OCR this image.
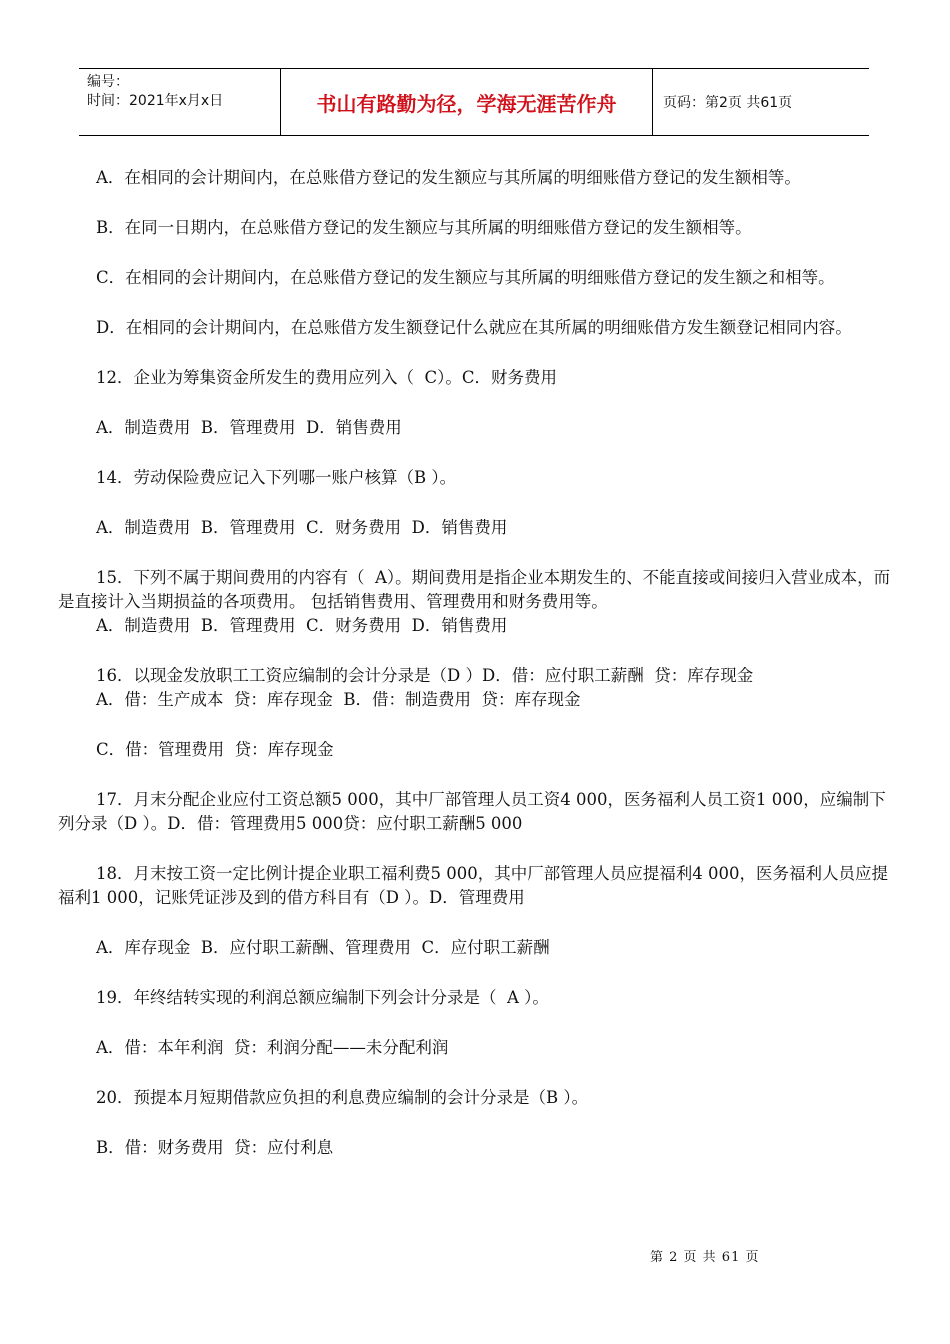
编号：
时间：2021年x月x日	书山有路勤为径，学海无涯苦作舟	页码：第2页 共61页

A．在相同的会计期间内，在总账借方登记的发生额应与其所属的明细账借方登记的发生额相等。

B．在同一日期内，在总账借方登记的发生额应与其所属的明细账借方登记的发生额相等。

C．在相同的会计期间内，在总账借方登记的发生额应与其所属的明细账借方登记的发生额之和相等。

D．在相同的会计期间内，在总账借方发生额登记什么就应在其所属的明细账借方发生额登记相同内容。

12．企业为筹集资金所发生的费用应列入（  C）。C．财务费用

A．制造费用  B．管理费用  D．销售费用

14．劳动保险费应记入下列哪一账户核算（B ）。

A．制造费用  B．管理费用  C．财务费用  D．销售费用

15．下列不属于期间费用的内容有（  A）。期间费用是指企业本期发生的、不能直接或间接归入营业成本，而是直接计入当期损益的各项费用。 包括销售费用、管理费用和财务费用等。

A．制造费用  B．管理费用  C．财务费用  D．销售费用

16．以现金发放职工工资应编制的会计分录是（D ）D．借：应付职工薪酬  贷：库存现金

A．借：生产成本  贷：库存现金  B．借：制造费用  贷：库存现金

C．借：管理费用  贷：库存现金

17．月末分配企业应付工资总额5 000，其中厂部管理人员工资4 000，医务福利人员工资1 000，应编制下列分录（D ）。D．借：管理费用5 000贷：应付职工薪酬5 000

18．月末按工资一定比例计提企业职工福利费5 000，其中厂部管理人员应提福利4 000，医务福利人员应提福利1 000，记账凭证涉及到的借方科目有（D ）。D．管理费用

A．库存现金  B．应付职工薪酬、管理费用  C．应付职工薪酬

19．年终结转实现的利润总额应编制下列会计分录是（  A ）。

A．借：本年利润  贷：利润分配——未分配利润

20．预提本月短期借款应负担的利息费应编制的会计分录是（B ）。

B．借：财务费用  贷：应付利息

第 2 页 共 61 页
